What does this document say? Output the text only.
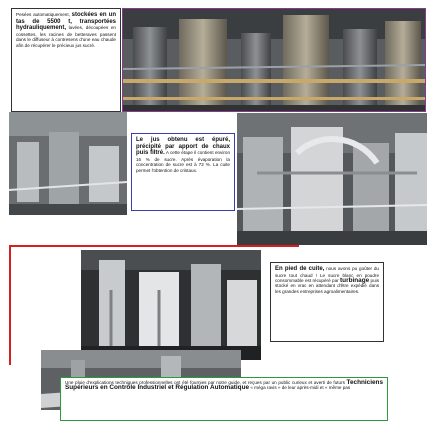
Pesées automatiquement, stockées en un tas de 5500 t, transportées hydrauliquement, lavées, découpées en cossettes, les racines de betteraves passent dans le diffuseur à contresens d'une eau chaude afin de récupérer le précieux jus sucré.
Le jus obtenu est épuré, précipité par apport de chaux puis filtré. A cette étape il contient environ 16 % de sucre. Après évaporation la concentration de sucre est à 72 %. La cuite permet l'obtention de cristaux.
En pied de cuite, nous avons pu goûter du sucre tout chaud ! Le sucre blanc en poudre consommable est récupéré par turbinage puis stocké en vrac en attendant d'être expédié dans les grandes entreprises agroalimentaires.
Une pluie d'explications techniques professionnelles ont été fournies par notre guide, et reçues par un public curieux et averti de futurs Techniciens Supérieurs en Contrôle Industriel et Régulation Automatique « méga ravis » de leur après-midi et « même pas
